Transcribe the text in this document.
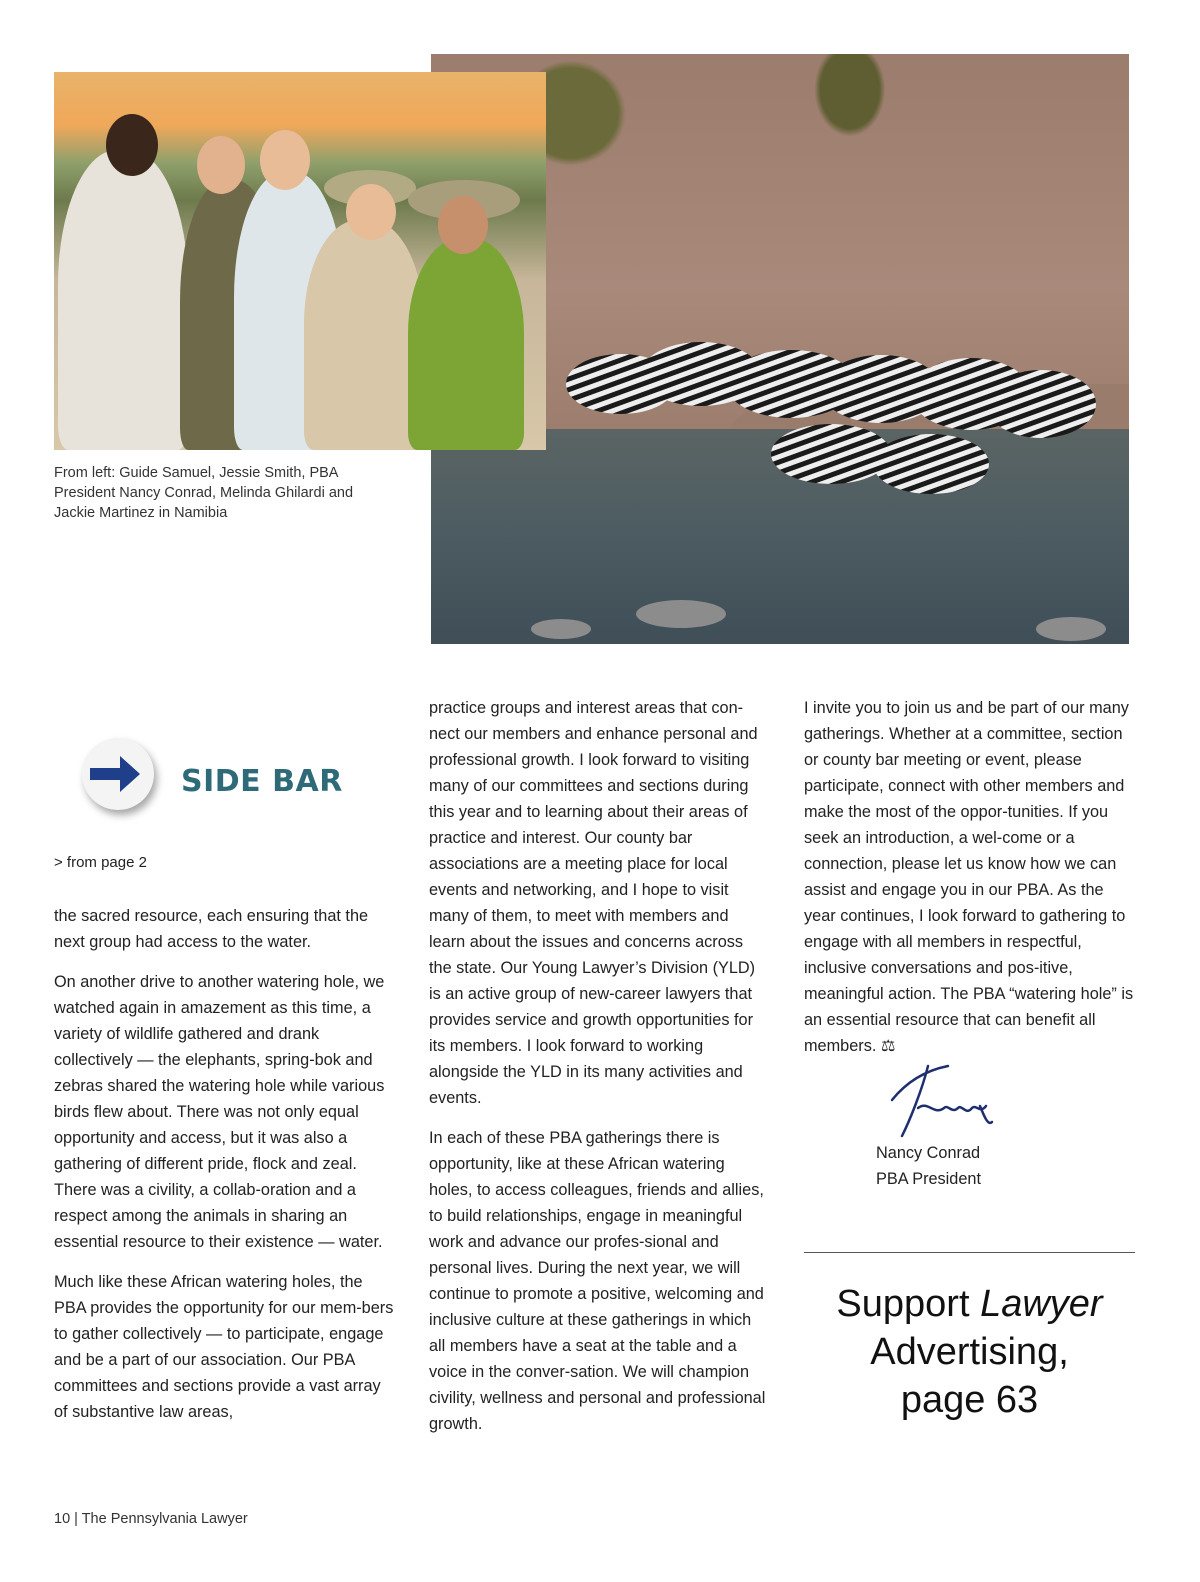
From left: Guide Samuel, Jessie Smith, PBA President Nancy Conrad, Melinda Ghilardi and Jackie Martinez in Namibia
SIDE BAR
> from page 2

the sacred resource, each ensuring that the next group had access to the water.

On another drive to another watering hole, we watched again in amazement as this time, a variety of wildlife gathered and drank collectively — the elephants, spring-bok and zebras shared the watering hole while various birds flew about. There was not only equal opportunity and access, but it was also a gathering of different pride, flock and zeal. There was a civility, a collab-oration and a respect among the animals in sharing an essential resource to their existence — water.

Much like these African watering holes, the PBA provides the opportunity for our mem-bers to gather collectively — to participate, engage and be a part of our association. Our PBA committees and sections provide a vast array of substantive law areas,

practice groups and interest areas that con-nect our members and enhance personal and professional growth. I look forward to visiting many of our committees and sections during this year and to learning about their areas of practice and interest. Our county bar associations are a meeting place for local events and networking, and I hope to visit many of them, to meet with members and learn about the issues and concerns across the state. Our Young Lawyer’s Division (YLD) is an active group of new-career lawyers that provides service and growth opportunities for its members. I look forward to working alongside the YLD in its many activities and events.

In each of these PBA gatherings there is opportunity, like at these African watering holes, to access colleagues, friends and allies, to build relationships, engage in meaningful work and advance our profes-sional and personal lives. During the next year, we will continue to promote a positive, welcoming and inclusive culture at these gatherings in which all members have a seat at the table and a voice in the conver-sation. We will champion civility, wellness and personal and professional growth.

I invite you to join us and be part of our many gatherings. Whether at a committee, section or county bar meeting or event, please participate, connect with other members and make the most of the oppor-tunities. If you seek an introduction, a wel-come or a connection, please let us know how we can assist and engage you in our PBA. As the year continues, I look forward to gathering to engage with all members in respectful, inclusive conversations and pos-itive, meaningful action. The PBA “watering hole” is an essential resource that can benefit all members. ⚖

Nancy Conrad
PBA President
Support Lawyer
Advertising,
page 63
10 | The Pennsylvania Lawyer
